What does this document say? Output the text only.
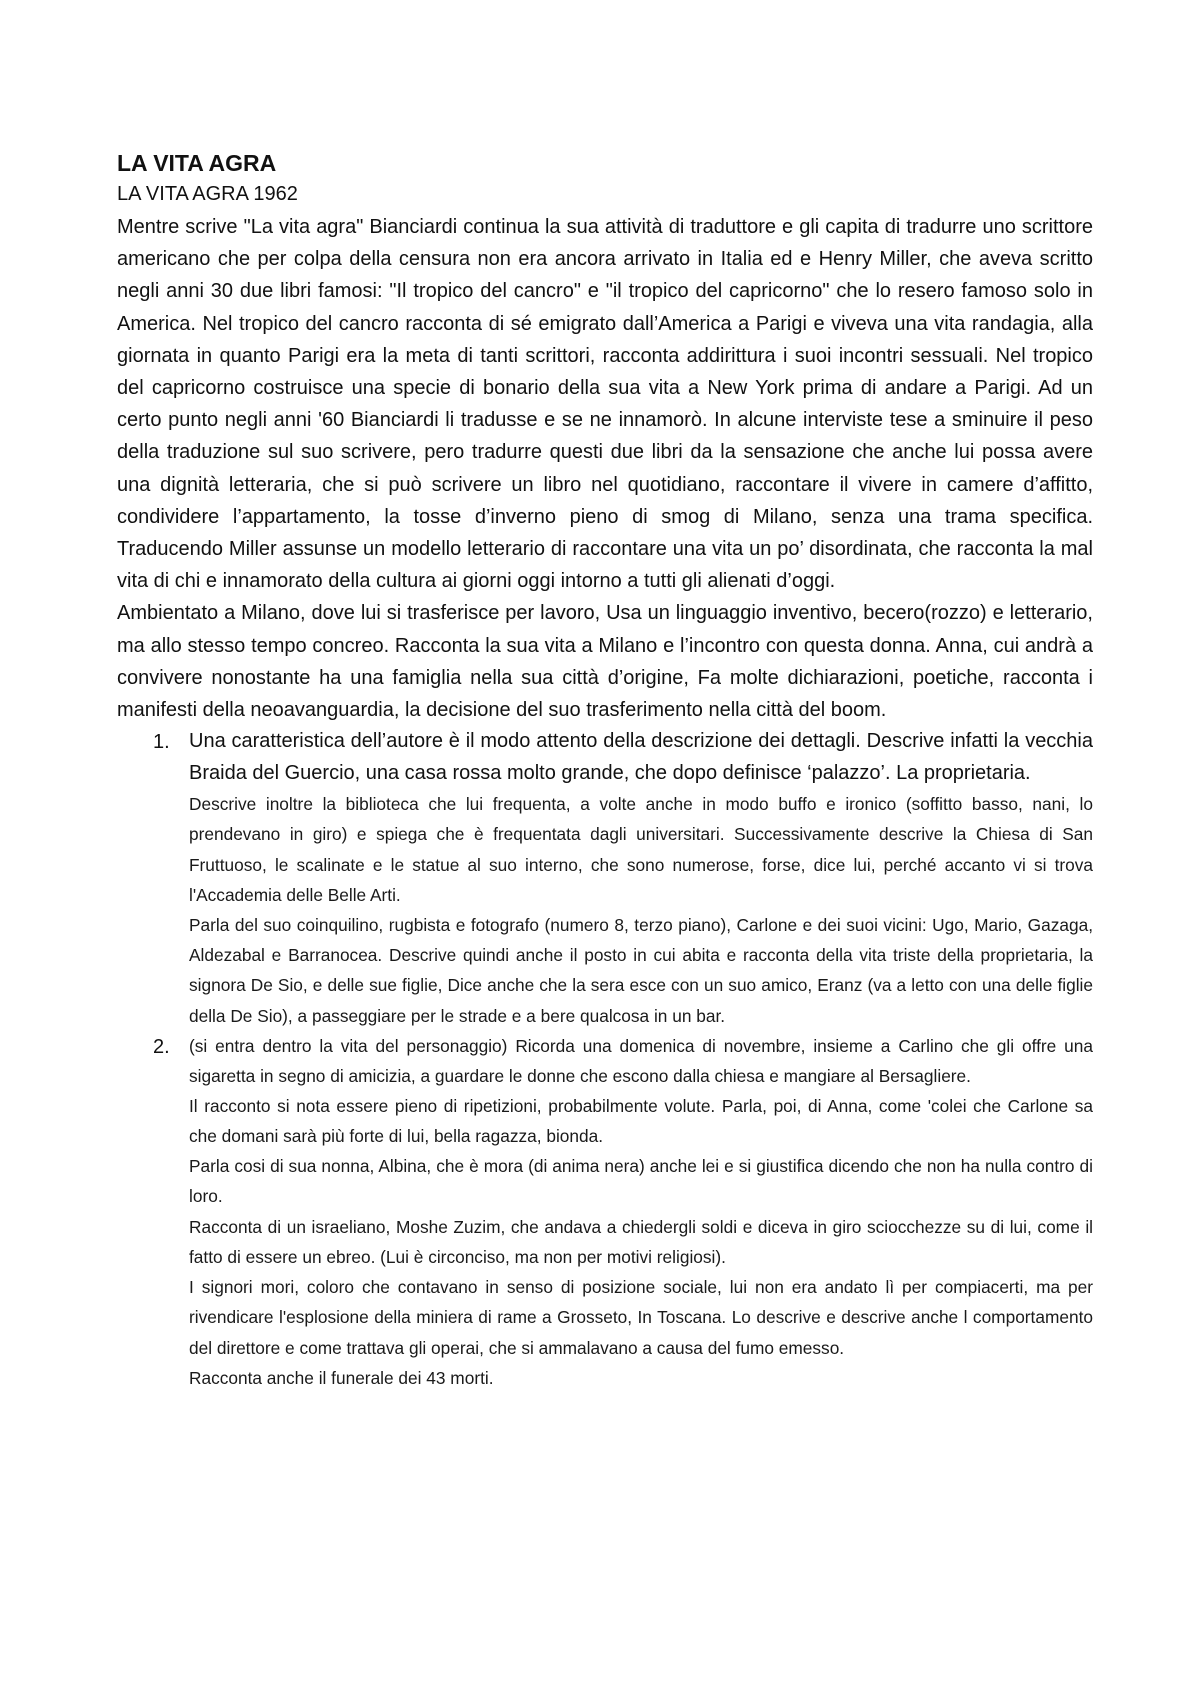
LA VITA AGRA

LA VITA AGRA 1962

Mentre scrive "La vita agra" Bianciardi continua la sua attività di traduttore e gli capita di tradurre uno scrittore americano che per colpa della censura non era ancora arrivato in Italia ed e Henry Miller, che aveva scritto negli anni 30 due libri famosi: "Il tropico del cancro" e "il tropico del capricorno" che lo resero famoso solo in America. Nel tropico del cancro racconta di sé emigrato dall’America a Parigi e viveva una vita randagia, alla giornata in quanto Parigi era la meta di tanti scrittori, racconta addirittura i suoi incontri sessuali. Nel tropico del capricorno costruisce una specie di bonario della sua vita a New York prima di andare a Parigi. Ad un certo punto negli anni '60 Bianciardi li tradusse e se ne innamorò. In alcune interviste tese a sminuire il peso della traduzione sul suo scrivere, pero tradurre questi due libri da la sensazione che anche lui possa avere una dignità letteraria, che si può scrivere un libro nel quotidiano, raccontare il vivere in camere d’affitto, condividere l’appartamento, la tosse d’inverno pieno di smog di Milano, senza una trama specifica. Traducendo Miller assunse un modello letterario di raccontare una vita un po’ disordinata, che racconta la mal vita di chi e innamorato della cultura ai giorni oggi intorno a tutti gli alienati d’oggi.

Ambientato a Milano, dove lui si trasferisce per lavoro, Usa un linguaggio inventivo, becero(rozzo) e letterario, ma allo stesso tempo concreo. Racconta la sua vita a Milano e l’incontro con questa donna. Anna, cui andrà a convivere nonostante ha una famiglia nella sua città d’origine, Fa molte dichiarazioni, poetiche, racconta i manifesti della neoavanguardia, la decisione del suo trasferimento nella città del boom.

1. Una caratteristica dell’autore è il modo attento della descrizione dei dettagli. Descrive infatti la vecchia Braida del Guercio, una casa rossa molto grande, che dopo definisce ‘palazzo’. La proprietaria.

Descrive inoltre la biblioteca che lui frequenta, a volte anche in modo buffo e ironico (soffitto basso, nani, lo prendevano in giro) e spiega che è frequentata dagli universitari. Successivamente descrive la Chiesa di San Fruttuoso, le scalinate e le statue al suo interno, che sono numerose, forse, dice lui, perché accanto vi si trova l'Accademia delle Belle Arti.

Parla del suo coinquilino, rugbista e fotografo (numero 8, terzo piano), Carlone e dei suoi vicini: Ugo, Mario, Gazaga, Aldezabal e Barranocea. Descrive quindi anche il posto in cui abita e racconta della vita triste della proprietaria, la signora De Sio, e delle sue figlie, Dice anche che la sera esce con un suo amico, Eranz (va a letto con una delle figlie della De Sio), a passeggiare per le strade e a bere qualcosa in un bar.

2. (si entra dentro la vita del personaggio) Ricorda una domenica di novembre, insieme a Carlino che gli offre una sigaretta in segno di amicizia, a guardare le donne che escono dalla chiesa e mangiare al Bersagliere.

Il racconto si nota essere pieno di ripetizioni, probabilmente volute. Parla, poi, di Anna, come 'colei che Carlone sa che domani sarà più forte di lui, bella ragazza, bionda.

Parla cosi di sua nonna, Albina, che è mora (di anima nera) anche lei e si giustifica dicendo che non ha nulla contro di loro.

Racconta di un israeliano, Moshe Zuzim, che andava a chiedergli soldi e diceva in giro sciocchezze su di lui, come il fatto di essere un ebreo. (Lui è circonciso, ma non per motivi religiosi).

I signori mori, coloro che contavano in senso di posizione sociale, lui non era andato lì per compiacerti, ma per rivendicare l'esplosione della miniera di rame a Grosseto, In Toscana. Lo descrive e descrive anche l comportamento del direttore e come trattava gli operai, che si ammalavano a causa del fumo emesso.

Racconta anche il funerale dei 43 morti.
